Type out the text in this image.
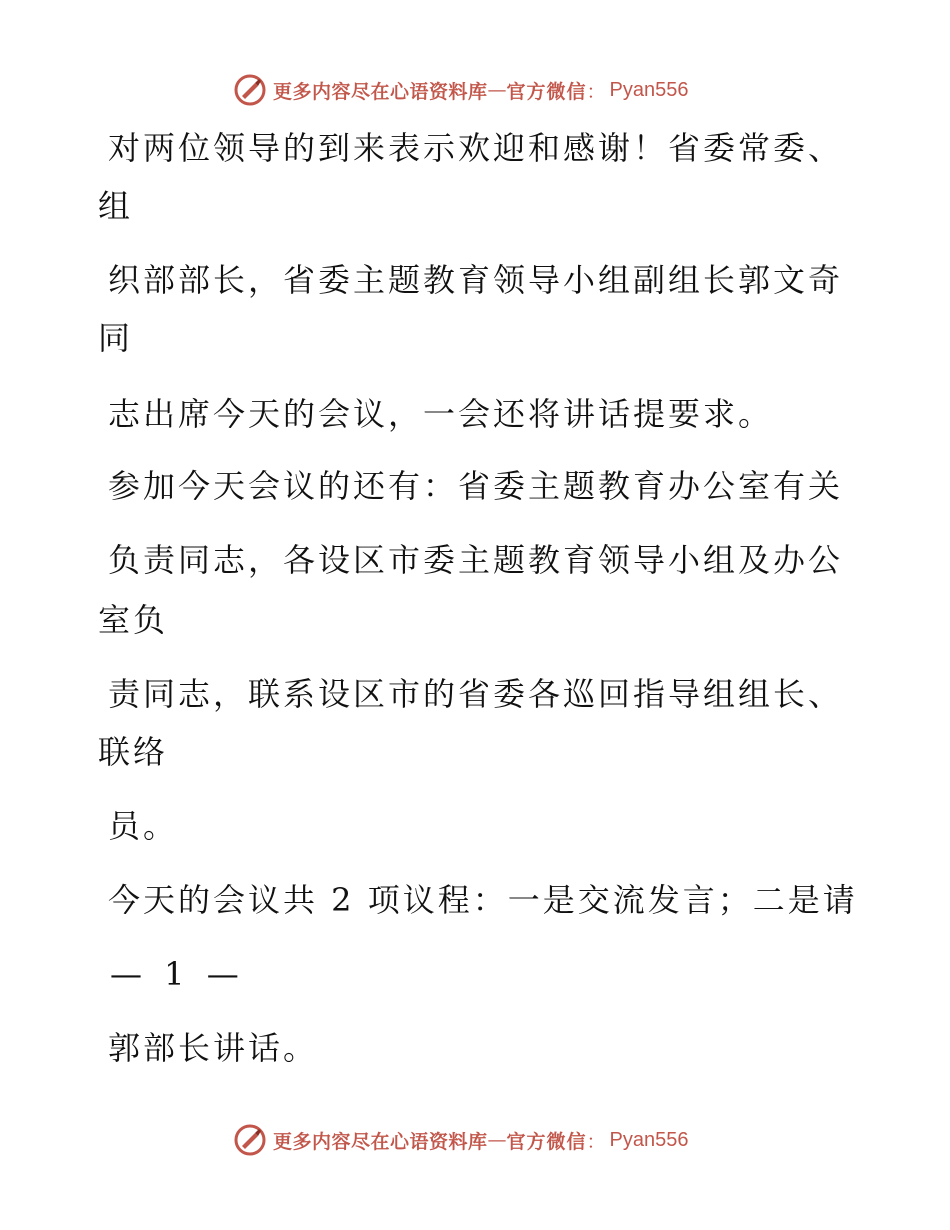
更多内容尽在心语资料库 — 官方微信 ： Pyan556

对两位领导的到来表示欢迎和感谢！省委常委、

组

织部部长，省委主题教育领导小组副组长郭文奇

同

志出席今天的会议，一会还将讲话提要求。

参加今天会议的还有：省委主题教育办公室有关

负责同志，各设区市委主题教育领导小组及办公

室负

责同志，联系设区市的省委各巡回指导组组长、

联络

员。

今天的会议共 2 项议程：一是交流发言；二是请

— 1 —

郭部长讲话。

更多内容尽在心语资料库 — 官方微信 ： Pyan556
